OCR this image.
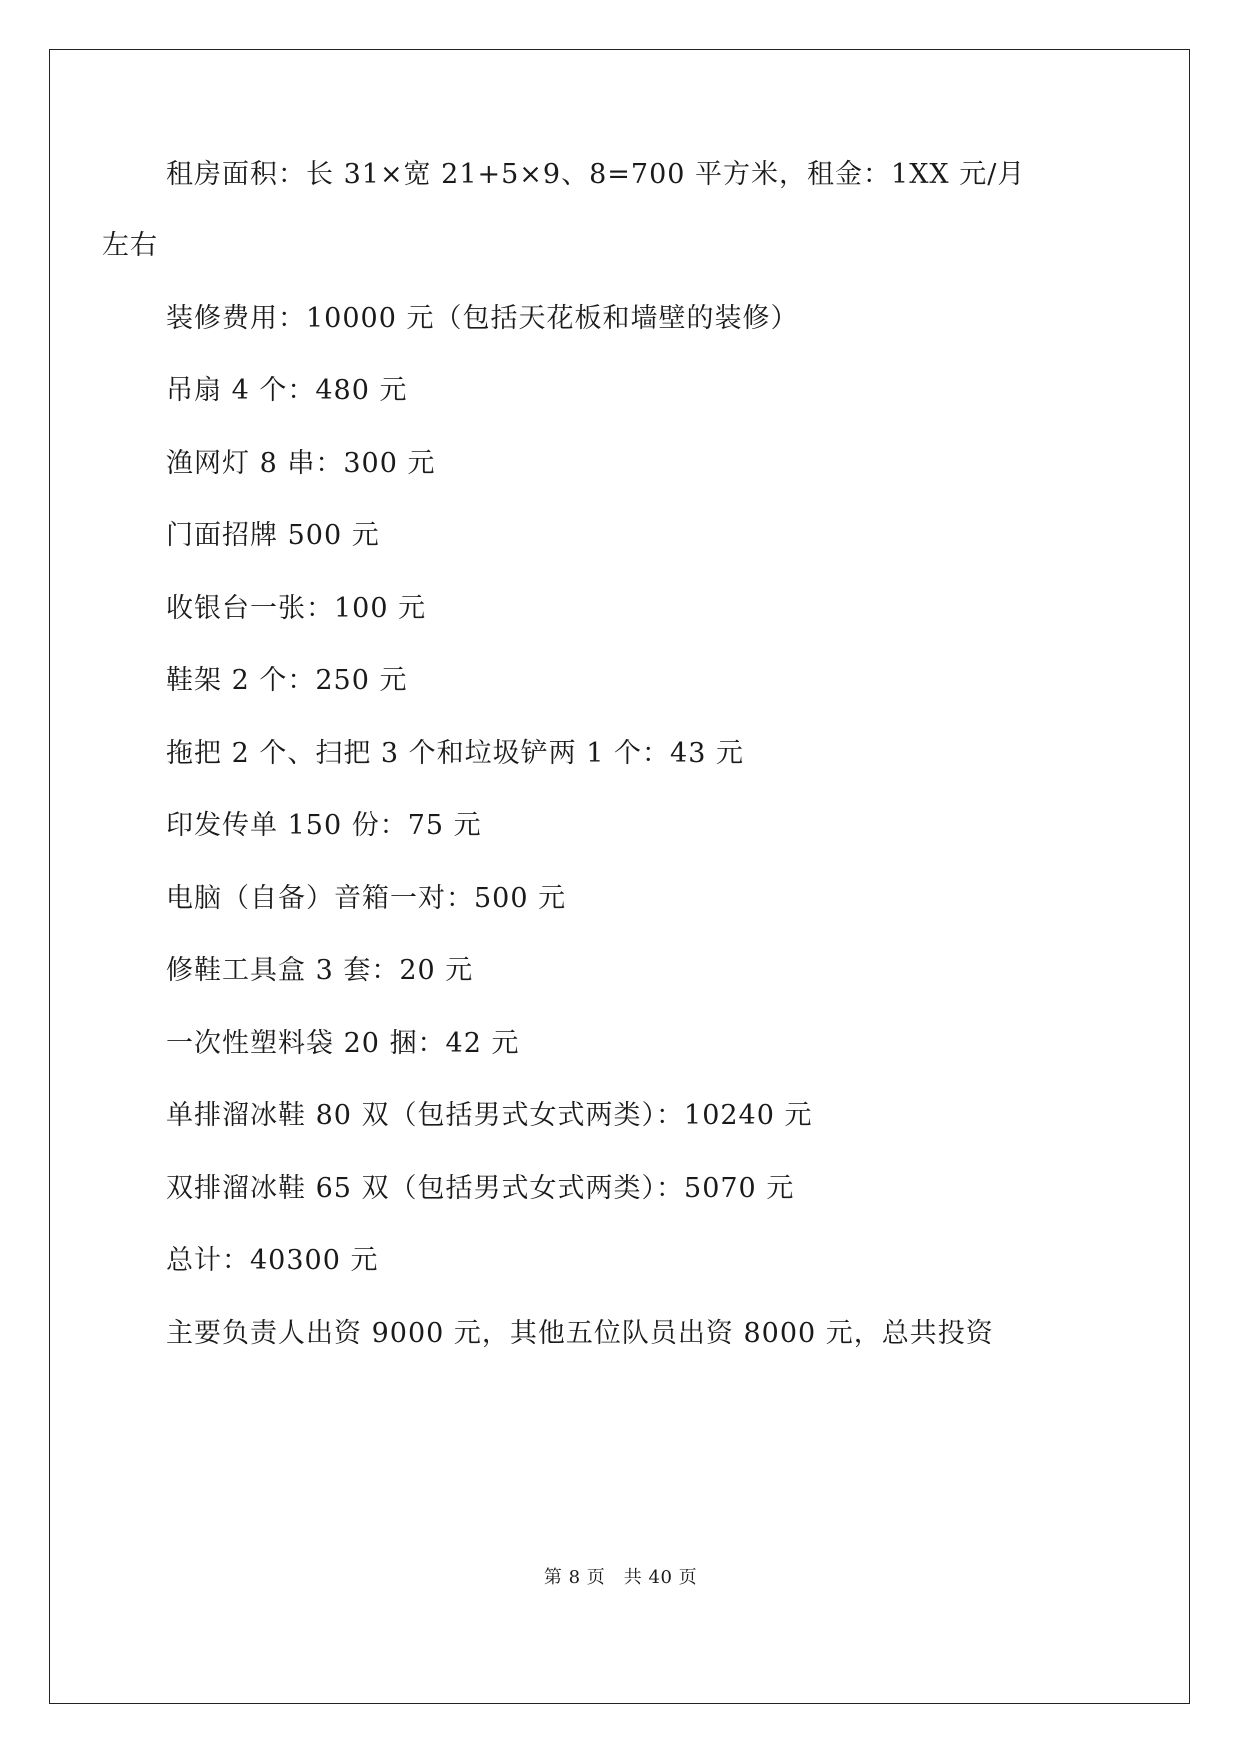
租房面积：长 31×宽 21+5×9、8=700 平方米，租金：1XX 元/月
左右
装修费用：10000 元（包括天花板和墙壁的装修）
吊扇 4 个：480 元
渔网灯 8 串：300 元
门面招牌 500 元
收银台一张：100 元
鞋架 2 个：250 元
拖把 2 个、扫把 3 个和垃圾铲两 1 个：43 元
印发传单 150 份：75 元
电脑（自备）音箱一对：500 元
修鞋工具盒 3 套：20 元
一次性塑料袋 20 捆：42 元
单排溜冰鞋 80 双（包括男式女式两类）：10240 元
双排溜冰鞋 65 双（包括男式女式两类）：5070 元
总计：40300 元
主要负责人出资 9000 元，其他五位队员出资 8000 元，总共投资
第 8 页　共 40 页
